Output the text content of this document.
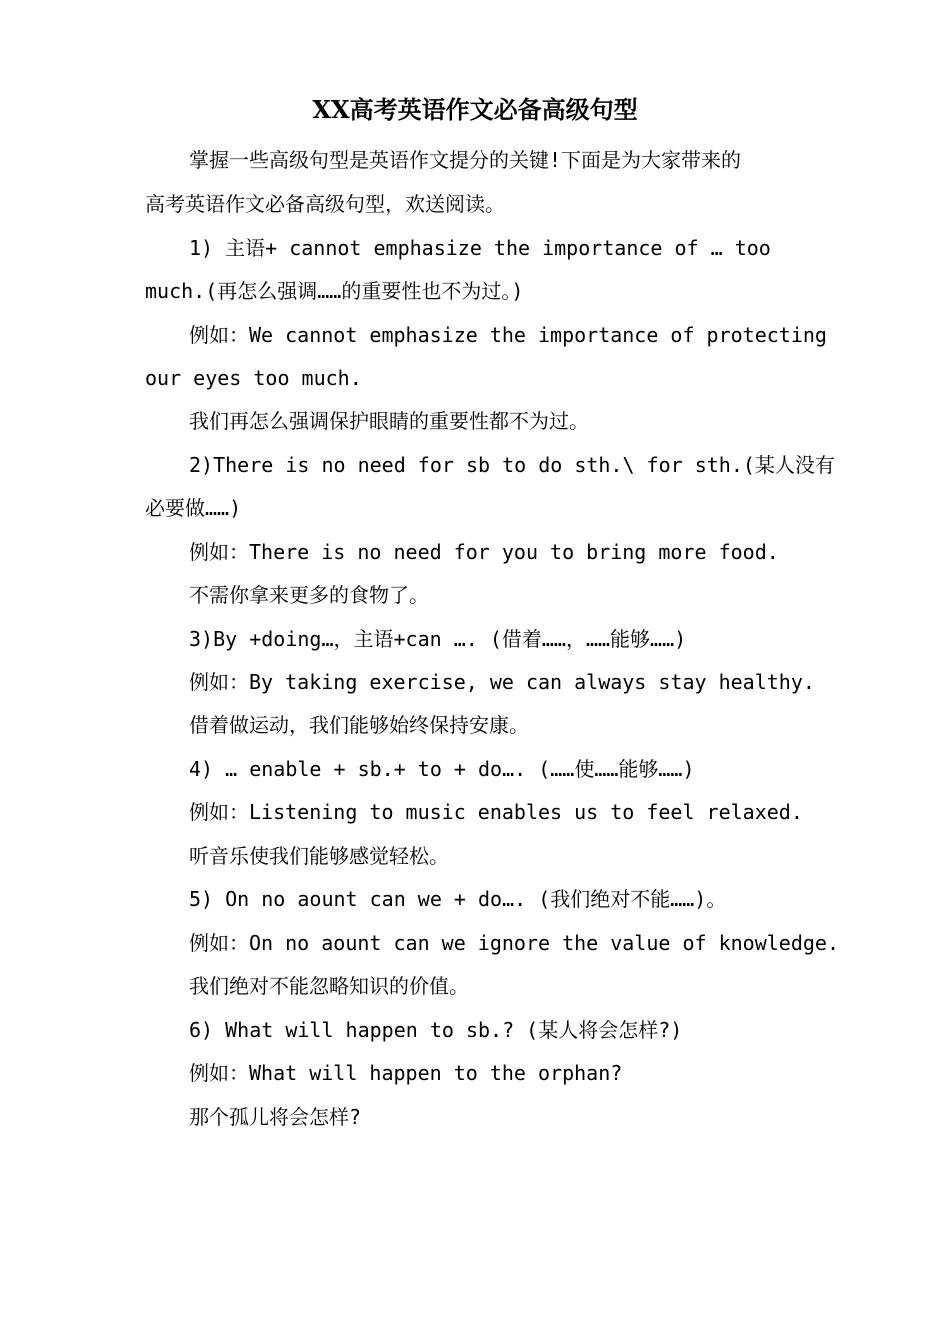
XX高考英语作文必备高级句型
掌握一些高级句型是英语作文提分的关键!下面是为大家带来的
高考英语作文必备高级句型，欢送阅读。
1) 主语+ cannot emphasize the importance of … too
much.(再怎么强调……的重要性也不为过。)
例如：We cannot emphasize the importance of protecting
our eyes too much.
我们再怎么强调保护眼睛的重要性都不为过。
2)There is no need for sb to do sth.\ for sth.(某人没有
必要做……)
例如：There is no need for you to bring more food.
不需你拿来更多的食物了。
3)By +doing…，主语+can …. (借着……，……能够……)
例如：By taking exercise, we can always stay healthy.
借着做运动，我们能够始终保持安康。
4) … enable + sb.+ to + do…. (……使……能够……)
例如：Listening to music enables us to feel relaxed.
听音乐使我们能够感觉轻松。
5) On no aount can we + do…. (我们绝对不能……)。
例如：On no aount can we ignore the value of knowledge.
我们绝对不能忽略知识的价值。
6) What will happen to sb.? (某人将会怎样?)
例如：What will happen to the orphan?
那个孤儿将会怎样?
